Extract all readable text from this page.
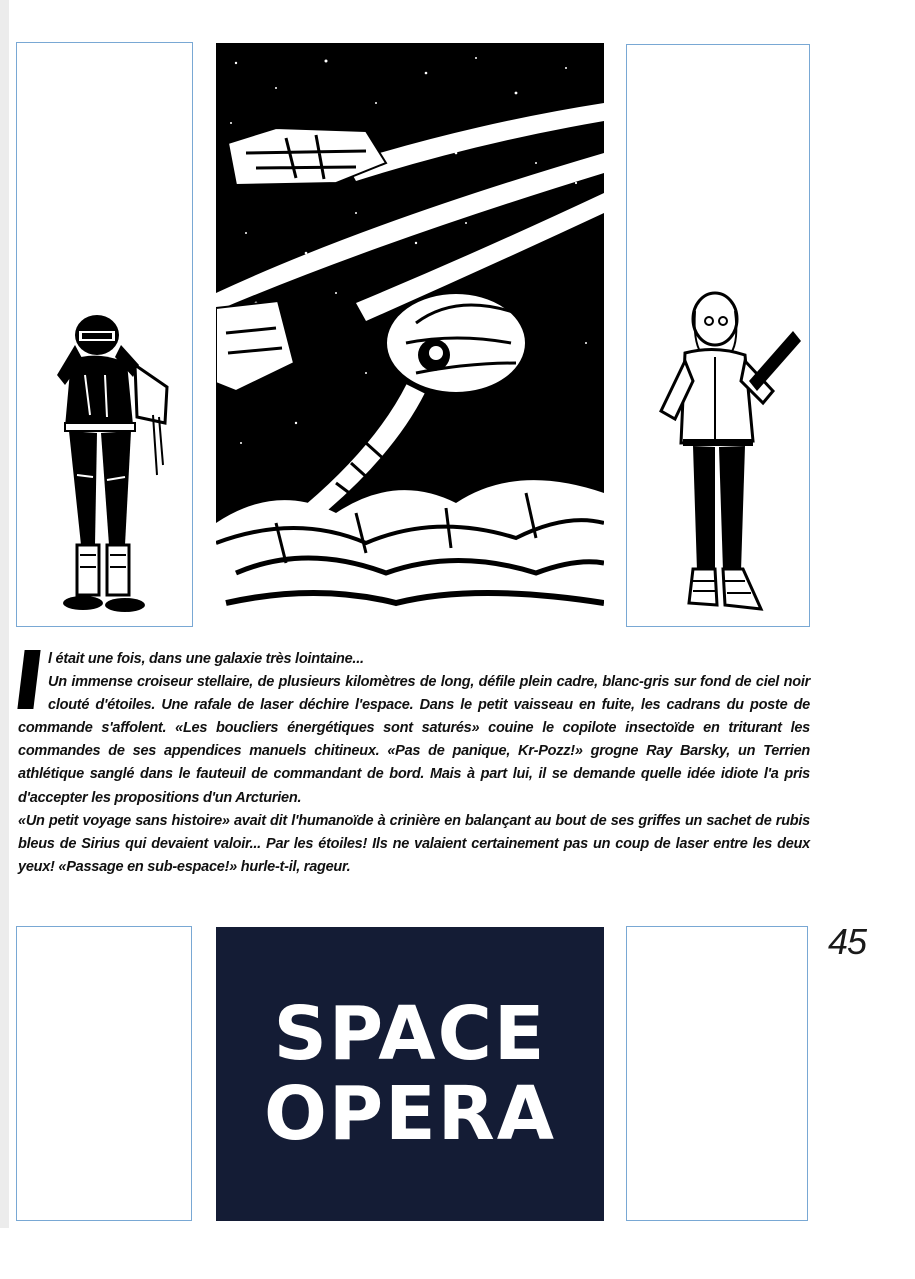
l était une fois, dans une galaxie très lointaine...

Un immense croiseur stellaire, de plusieurs kilomètres de long, défile plein cadre, blanc-gris sur fond de ciel noir clouté d'étoiles. Une rafale de laser déchire l'espace. Dans le petit vaisseau en fuite, les cadrans du poste de commande s'affolent. «Les boucliers énergétiques sont saturés» couine le copilote insectoïde en triturant les commandes de ses appendices manuels chitineux. «Pas de panique, Kr-Pozz!» grogne Ray Barsky, un Terrien athlétique sanglé dans le fauteuil de commandant de bord. Mais à part lui, il se demande quelle idée idiote l'a pris d'accepter les propositions d'un Arcturien.

«Un petit voyage sans histoire» avait dit l'humanoïde à crinière en balançant au bout de ses griffes un sachet de rubis bleus de Sirius qui devaient valoir... Par les étoiles! Ils ne valaient certainement pas un coup de laser entre les deux yeux! «Passage en sub-espace!» hurle-t-il, rageur.

SPACE
OPERA
45
